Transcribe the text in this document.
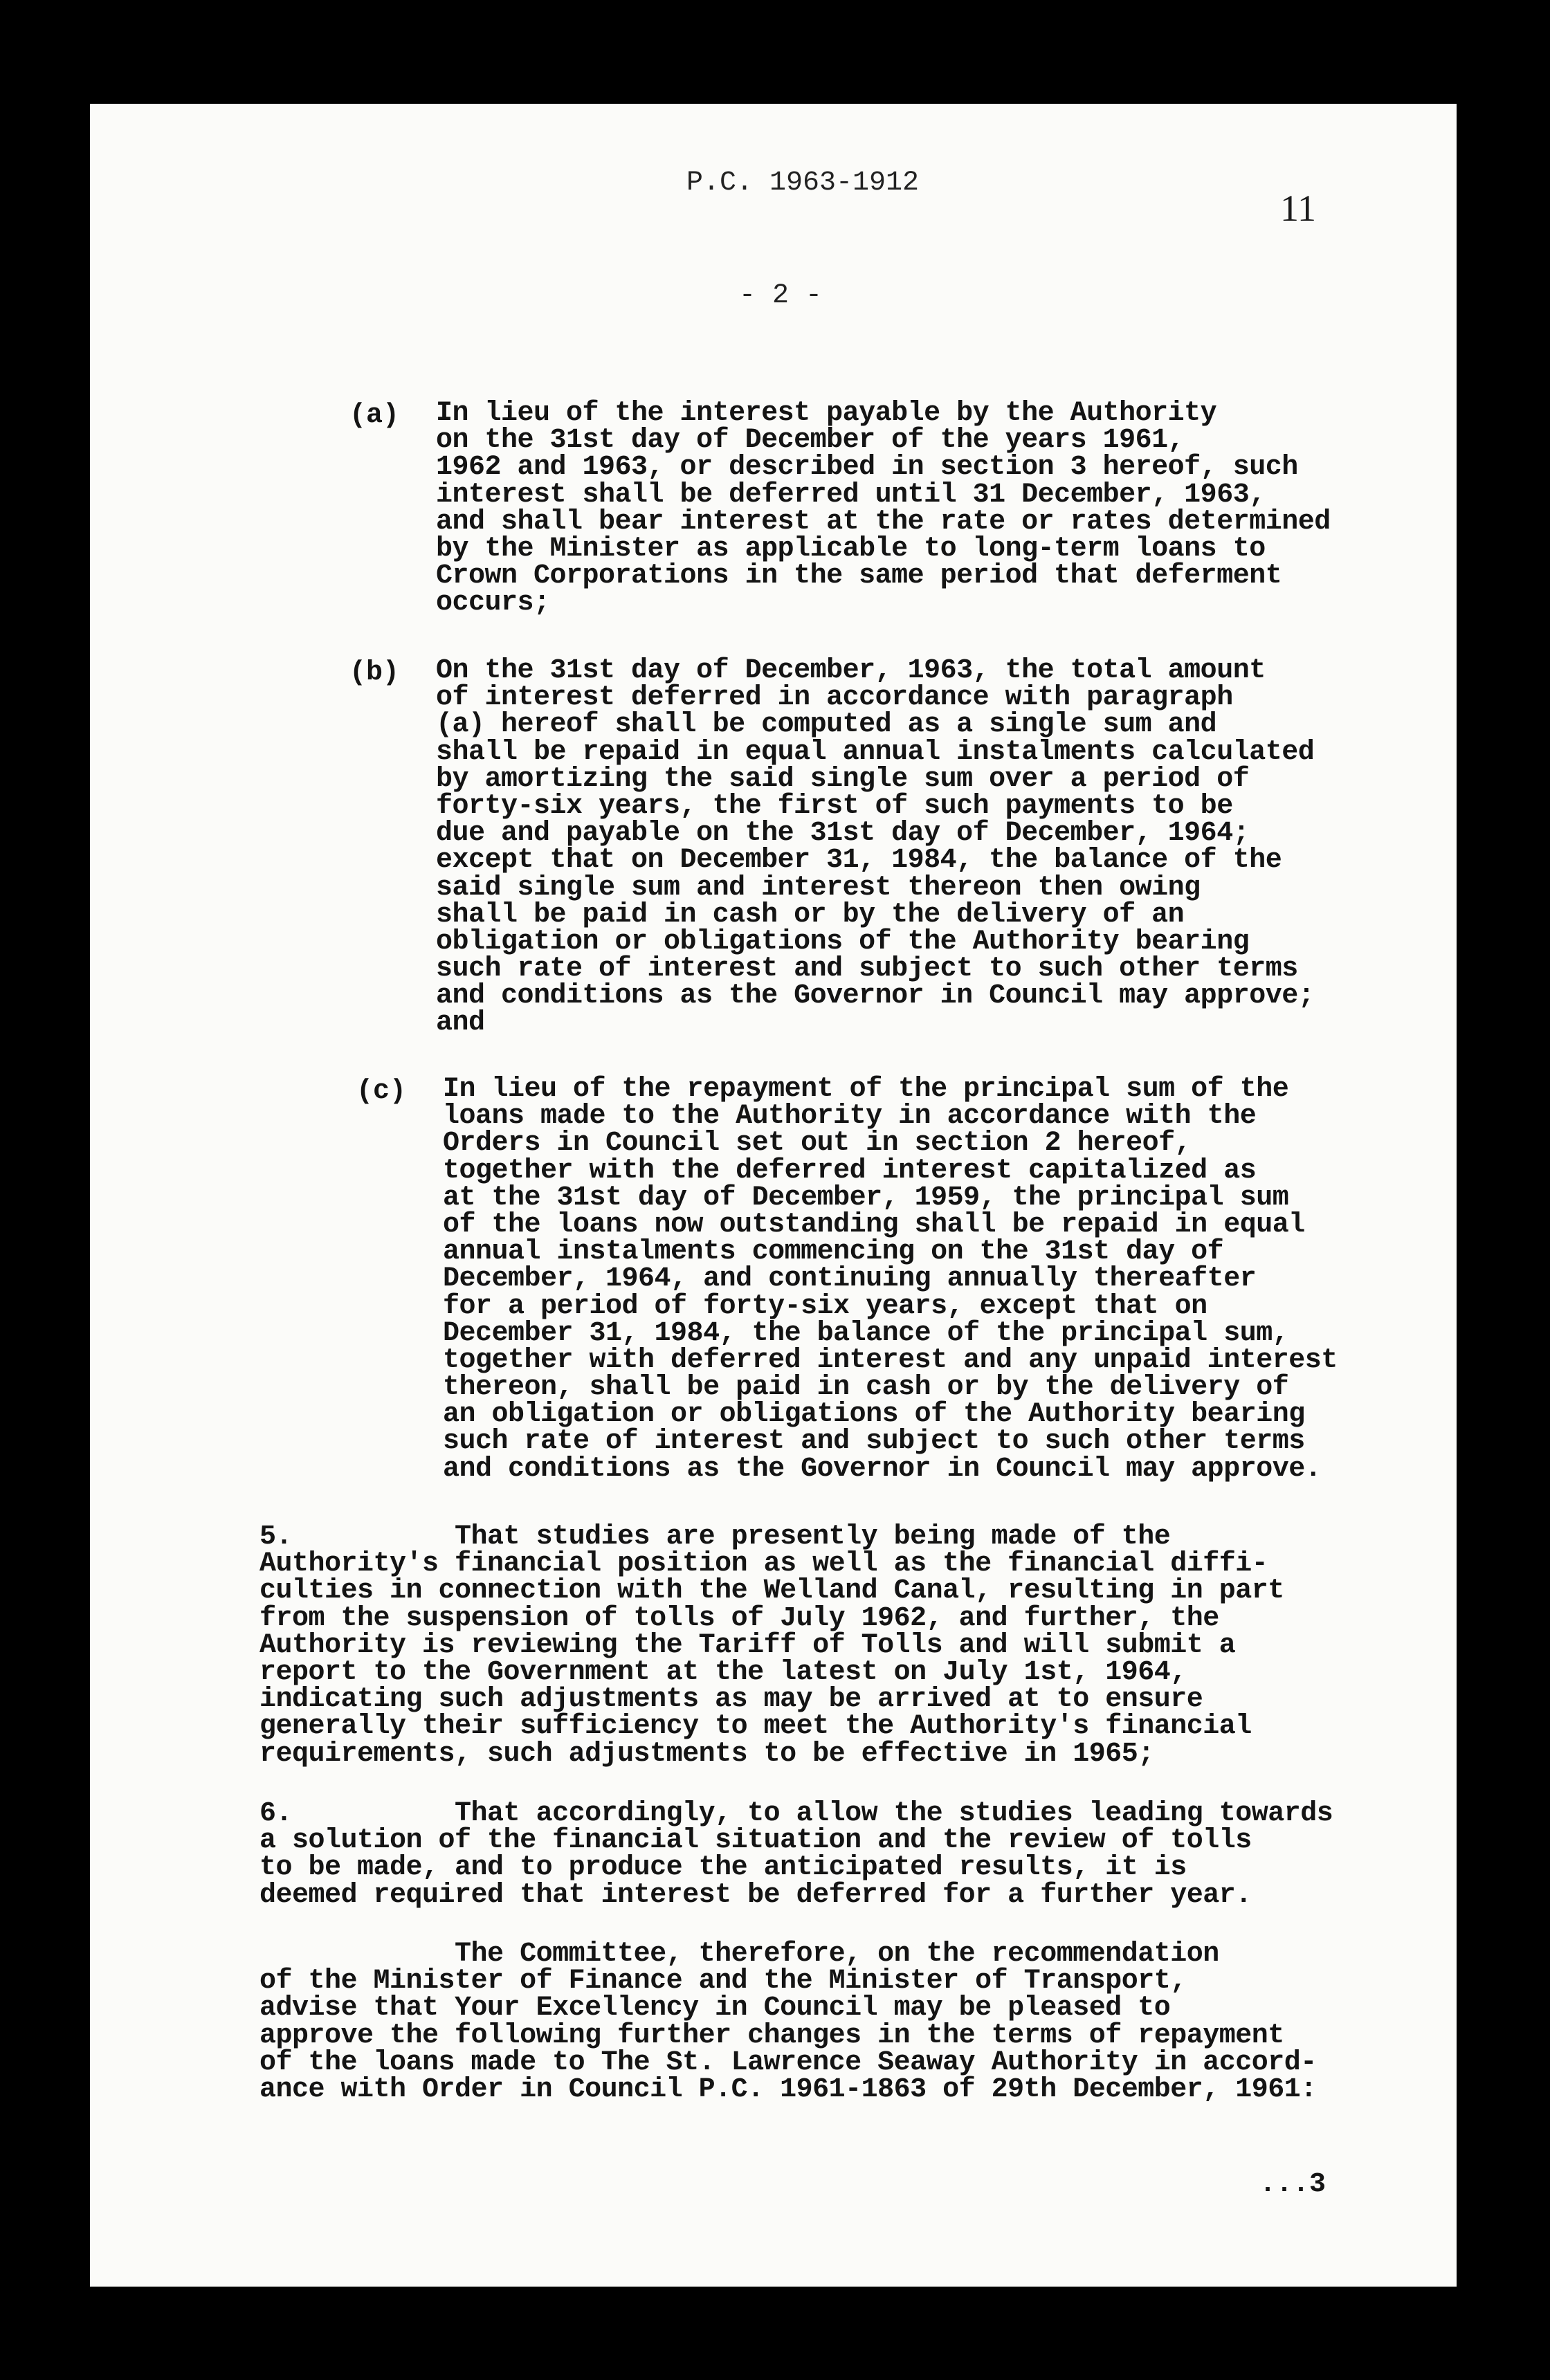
P.C. 1963-1912
11
- 2 -
(a) In lieu of the interest payable by the Authority
on the 31st day of December of the years 1961,
1962 and 1963, or described in section 3 hereof, such
interest shall be deferred until 31 December, 1963,
and shall bear interest at the rate or rates determined
by the Minister as applicable to long-term loans to
Crown Corporations in the same period that deferment
occurs;
(b) On the 31st day of December, 1963, the total amount
of interest deferred in accordance with paragraph
(a) hereof shall be computed as a single sum and
shall be repaid in equal annual instalments calculated
by amortizing the said single sum over a period of
forty-six years, the first of such payments to be
due and payable on the 31st day of December, 1964;
except that on December 31, 1984, the balance of the
said single sum and interest thereon then owing
shall be paid in cash or by the delivery of an
obligation or obligations of the Authority bearing
such rate of interest and subject to such other terms
and conditions as the Governor in Council may approve;
and
(c) In lieu of the repayment of the principal sum of the
loans made to the Authority in accordance with the
Orders in Council set out in section 2 hereof,
together with the deferred interest capitalized as
at the 31st day of December, 1959, the principal sum
of the loans now outstanding shall be repaid in equal
annual instalments commencing on the 31st day of
December, 1964, and continuing annually thereafter
for a period of forty-six years, except that on
December 31, 1984, the balance of the principal sum,
together with deferred interest and any unpaid interest
thereon, shall be paid in cash or by the delivery of
an obligation or obligations of the Authority bearing
such rate of interest and subject to such other terms
and conditions as the Governor in Council may approve.
5.          That studies are presently being made of the
Authority's financial position as well as the financial diffi-
culties in connection with the Welland Canal, resulting in part
from the suspension of tolls of July 1962, and further, the
Authority is reviewing the Tariff of Tolls and will submit a
report to the Government at the latest on July 1st, 1964,
indicating such adjustments as may be arrived at to ensure
generally their sufficiency to meet the Authority's financial
requirements, such adjustments to be effective in 1965;
6.          That accordingly, to allow the studies leading towards
a solution of the financial situation and the review of tolls
to be made, and to produce the anticipated results, it is
deemed required that interest be deferred for a further year.
The Committee, therefore, on the recommendation
of the Minister of Finance and the Minister of Transport,
advise that Your Excellency in Council may be pleased to
approve the following further changes in the terms of repayment
of the loans made to The St. Lawrence Seaway Authority in accord-
ance with Order in Council P.C. 1961-1863 of 29th December, 1961:
...3
